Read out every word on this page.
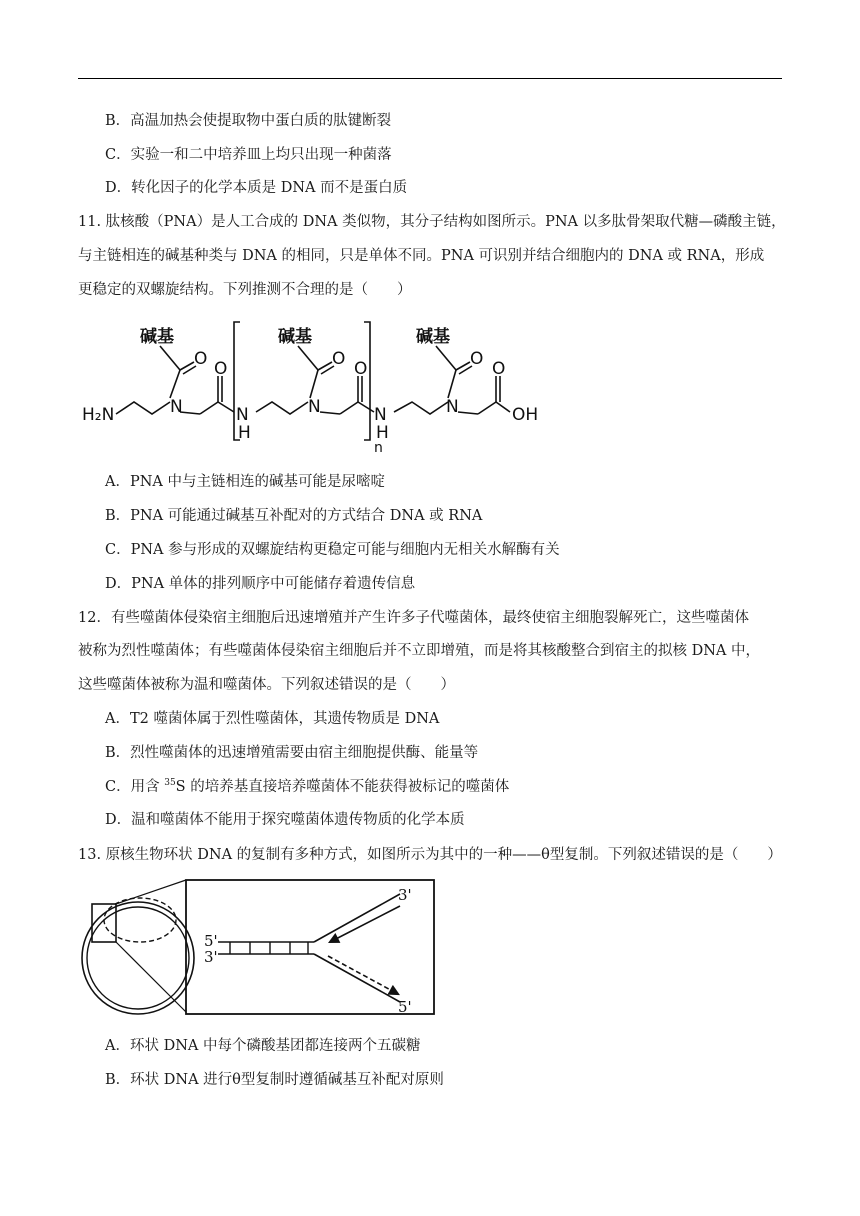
B．高温加热会使提取物中蛋白质的肽键断裂
C．实验一和二中培养皿上均只出现一种菌落
D．转化因子的化学本质是 DNA 而不是蛋白质
11. 肽核酸（PNA）是人工合成的 DNA 类似物，其分子结构如图所示。PNA 以多肽骨架取代糖—磷酸主链，
与主链相连的碱基种类与 DNA 的相同，只是单体不同。PNA 可识别并结合细胞内的 DNA 或 RNA，形成
更稳定的双螺旋结构。下列推测不合理的是（　　）
碱基	碱基	碱基
H₂N	N	N	N
O O	O O	O O
OH
N
H
N
H
n
A．PNA 中与主链相连的碱基可能是尿嘧啶
B．PNA 可能通过碱基互补配对的方式结合 DNA 或 RNA
C．PNA 参与形成的双螺旋结构更稳定可能与细胞内无相关水解酶有关
D．PNA 单体的排列顺序中可能储存着遗传信息
12．有些噬菌体侵染宿主细胞后迅速增殖并产生许多子代噬菌体，最终使宿主细胞裂解死亡，这些噬菌体
被称为烈性噬菌体；有些噬菌体侵染宿主细胞后并不立即增殖，而是将其核酸整合到宿主的拟核 DNA 中，
这些噬菌体被称为温和噬菌体。下列叙述错误的是（　　）
A．T2 噬菌体属于烈性噬菌体，其遗传物质是 DNA
B．烈性噬菌体的迅速增殖需要由宿主细胞提供酶、能量等
C．用含 $^{35}$S 的培养基直接培养噬菌体不能获得被标记的噬菌体
D．温和噬菌体不能用于探究噬菌体遗传物质的化学本质
13. 原核生物环状 DNA 的复制有多种方式，如图所示为其中的一种——θ型复制。下列叙述错误的是（　　）
5'
3'
3'
5'
A．环状 DNA 中每个磷酸基团都连接两个五碳糖
B．环状 DNA 进行θ型复制时遵循碱基互补配对原则
